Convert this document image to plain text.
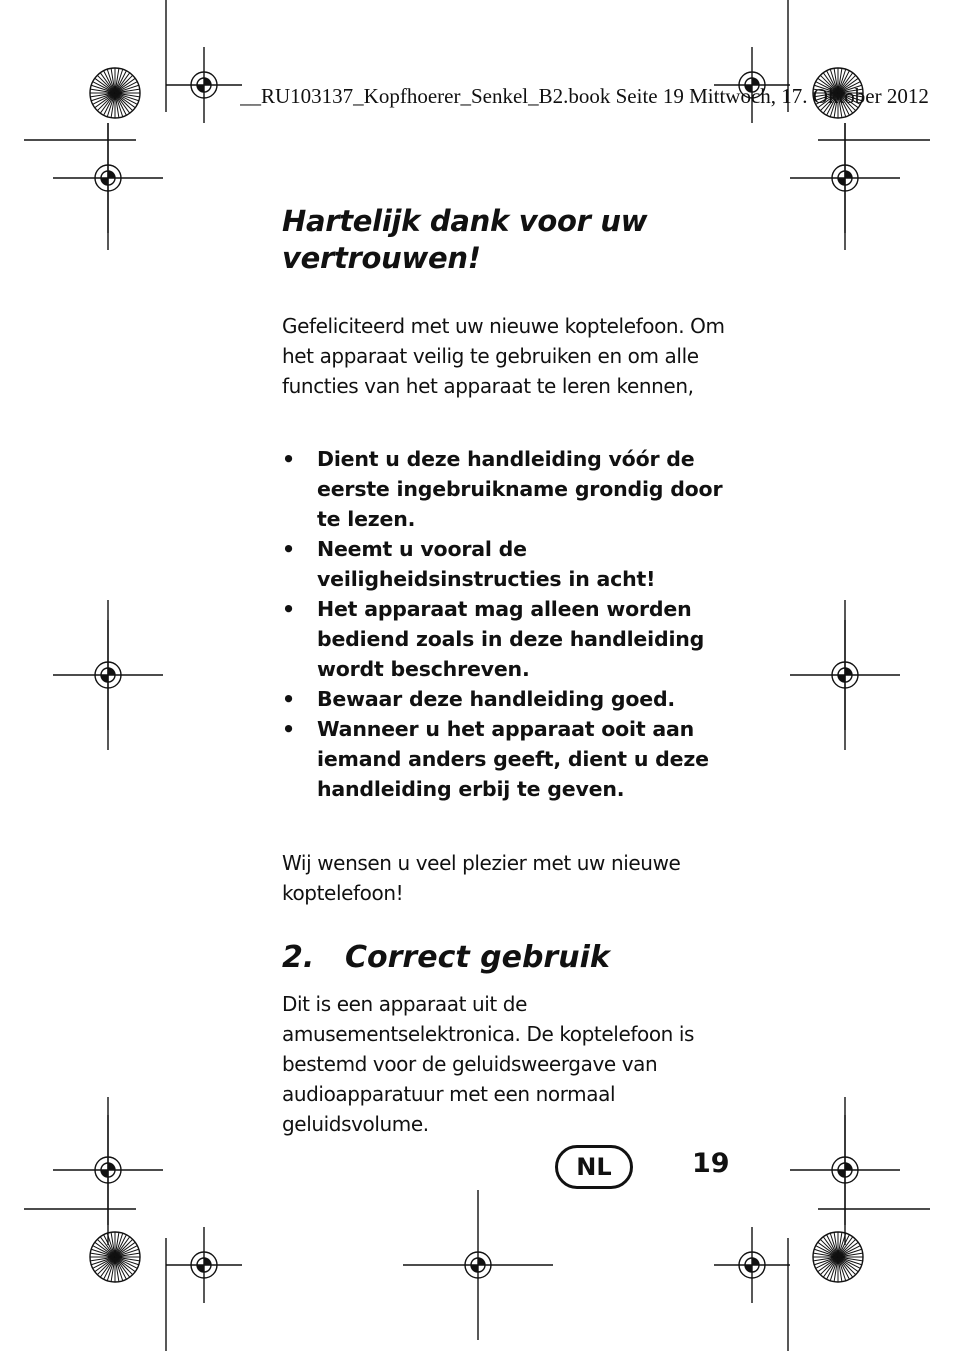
__RU103137_Kopfhoerer_Senkel_B2.book Seite 19 Mittwoch, 17. Oktober 2012
Hartelijk dank voor uw vertrouwen!
Gefeliciteerd met uw nieuwe koptelefoon. Om het apparaat veilig te gebruiken en om alle functies van het apparaat te leren kennen,
• Dient u deze handleiding vóór de eerste ingebruikname grondig door te lezen.
• Neemt u vooral de veiligheidsinstructies in acht!
• Het apparaat mag alleen worden bediend zoals in deze handleiding wordt beschreven.
• Bewaar deze handleiding goed.
• Wanneer u het apparaat ooit aan iemand anders geeft, dient u deze handleiding erbij te geven.
Wij wensen u veel plezier met uw nieuwe koptelefoon!
2. Correct gebruik
Dit is een apparaat uit de amusementselektronica. De koptelefoon is bestemd voor de geluidsweergave van audioapparatuur met een normaal geluidsvolume.
NL	19
